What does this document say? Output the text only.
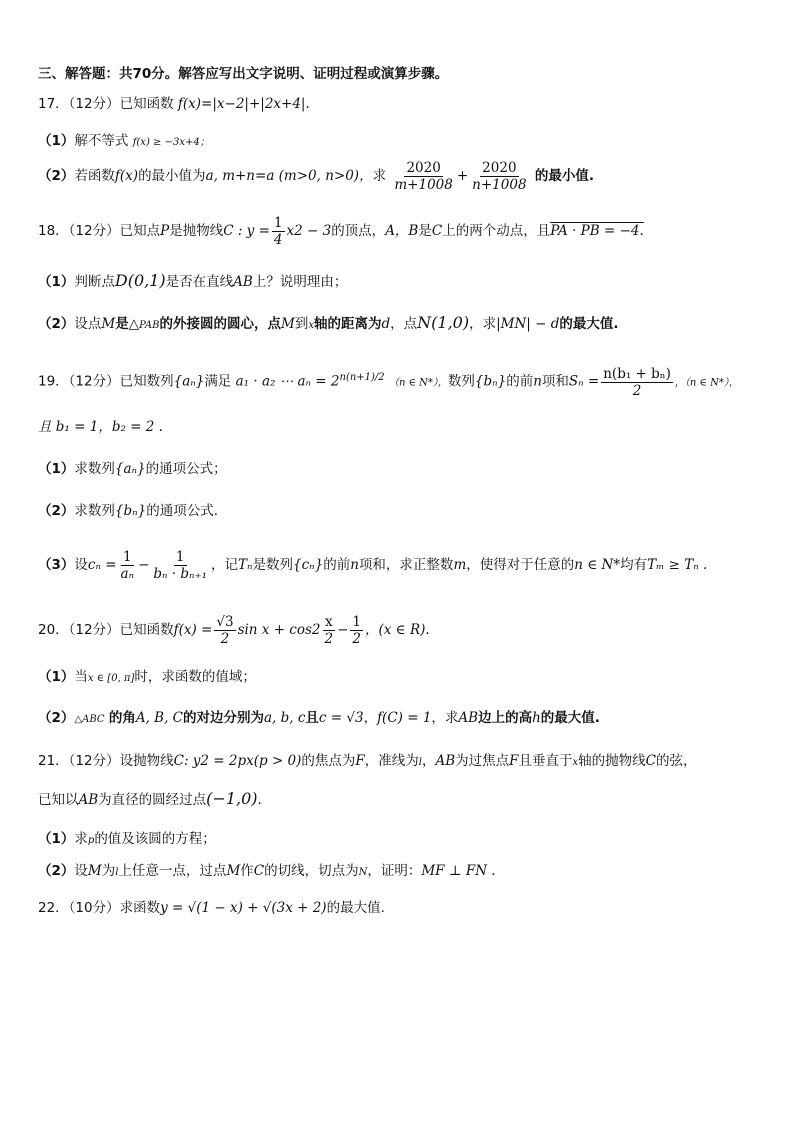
三、解答题：共70分。解答应写出文字说明、证明过程或演算步骤。
17．（12分）已知函数 f(x)=|x−2|+|2x+4|.
（1）解不等式 f(x) ≥ −3x+4；
（2）若函数f(x)的最小值为a, m+n=a (m>0, n>0)，求 $\frac{2020}{m+1008} + \frac{2020}{n+1008}$ 的最小值.
18．（12分）已知点P是抛物线C : $y = \frac{1}{4} x2 - 3$的顶点，A，B是C上的两个动点，且PA · PB = −4.
（1）判断点D(0,1)是否在直线AB上？说明理由；
（2）设点M是△PAB的外接圆的圆心，点M到x轴的距离为d，点N(1,0)，求|MN| − d的最大值.
19．（12分）已知数列{aₙ}满足 a₁ · a₂ ⋯ $a_n = 2^{n(n+1)/2}$ （n ∈ N*），数列{bₙ}的前n项和$S_n = \frac{\text{n(b₁ + bₙ)}}{2}$ ，（n ∈ N*），
且 b₁ = 1，b₂ = 2 .
（1）求数列{aₙ}的通项公式；
（2）求数列{bₙ}的通项公式.
（3）设$c_n = \frac{1}{\text{aₙ}} - \frac{1}{\text{bₙ · bₙ₊₁}}$ ，记Tₙ是数列{cₙ}的前n项和，求正整数m，使得对于任意的n ∈ N*均有Tₘ ≥ Tₙ .
20．（12分）已知函数$f(x) = \frac{√3}{2}$ $\sin x + \cos 2 \frac{x}{2} - \frac{1}{2}$ ，(x ∈ R).
（1）当x ∈ [0, π]时，求函数的值域；
（2）△ABC 的角A, B, C的对边分别为a, b, c且c = √3，f(C) = 1，求AB边上的高h的最大值.
21．（12分）设抛物线C: y2 = 2px(p > 0)的焦点为F，准线为l，AB为过焦点F且垂直于x轴的抛物线C的弦，
已知以AB为直径的圆经过点(−1,0).
（1）求p的值及该圆的方程；
（2）设M为l上任意一点，过点M作C的切线，切点为N，证明：MF ⊥ FN .
22．（10分）求函数y = √(1 − x) + √(3x + 2)的最大值.
